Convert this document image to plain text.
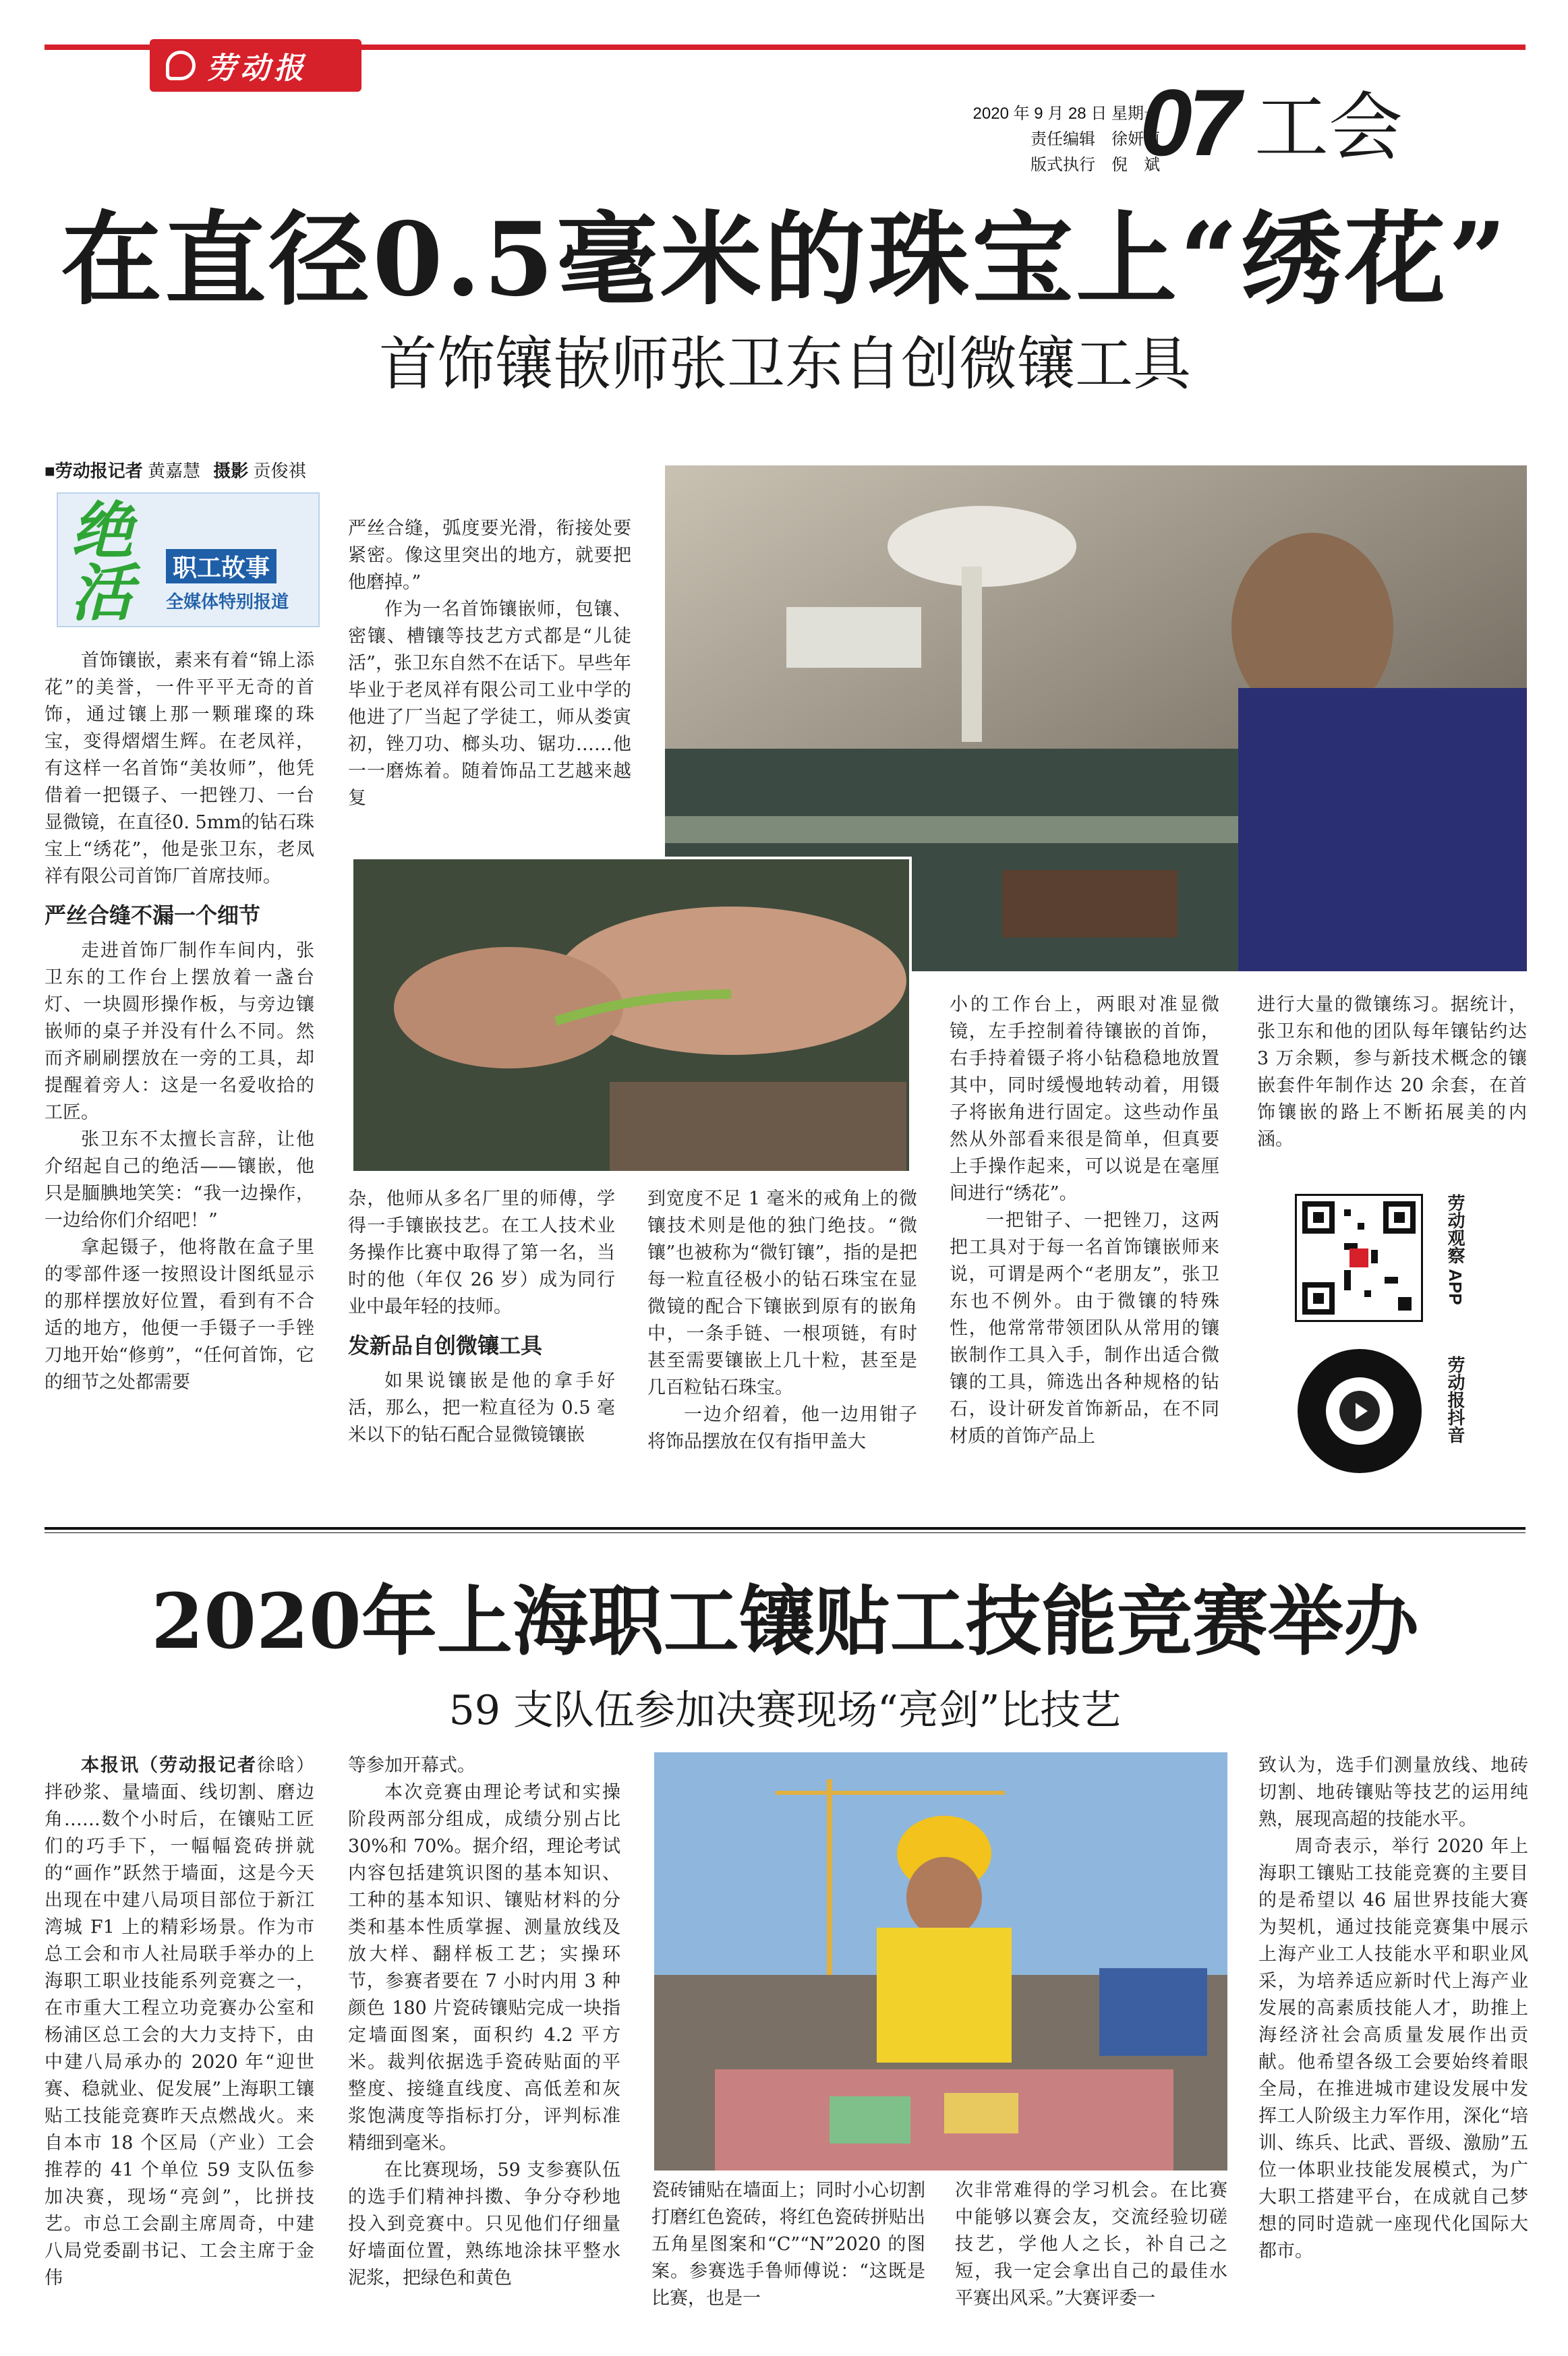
劳动报
2020 年 9 月 28 日 星期一
责任编辑　徐妍莉
版式执行　倪　斌
07 工会
在直径0.5毫米的珠宝上“绣花”
首饰镶嵌师张卫东自创微镶工具
■劳动报记者 黄嘉慧 摄影 贡俊祺
绝活 职工故事
全媒体特别报道

首饰镶嵌，素来有着“锦上添花”的美誉，一件平平无奇的首饰，通过镶上那一颗璀璨的珠宝，变得熠熠生辉。在老凤祥，有这样一名首饰“美妆师”，他凭借着一把镊子、一把锉刀、一台显微镜，在直径0. 5mm的钻石珠宝上“绣花”，他是张卫东，老凤祥有限公司首饰厂首席技师。

严丝合缝不漏一个细节

走进首饰厂制作车间内，张卫东的工作台上摆放着一盏台灯、一块圆形操作板，与旁边镶嵌师的桌子并没有什么不同。然而齐刷刷摆放在一旁的工具，却提醒着旁人：这是一名爱收拾的工匠。

张卫东不太擅长言辞，让他介绍起自己的绝活——镶嵌，他只是腼腆地笑笑：“我一边操作，一边给你们介绍吧！”

拿起镊子，他将散在盒子里的零部件逐一按照设计图纸显示的那样摆放好位置，看到有不合适的地方，他便一手镊子一手锉刀地开始“修剪”，“任何首饰，它的细节之处都需要

严丝合缝，弧度要光滑，衔接处要紧密。像这里突出的地方，就要把他磨掉。”

作为一名首饰镶嵌师，包镶、密镶、槽镶等技艺方式都是“儿徒活”，张卫东自然不在话下。早些年毕业于老凤祥有限公司工业中学的他进了厂当起了学徒工，师从娄寅初，锉刀功、榔头功、锯功……他一一磨炼着。随着饰品工艺越来越复

杂，他师从多名厂里的师傅，学得一手镶嵌技艺。在工人技术业务操作比赛中取得了第一名，当时的他（年仅 26 岁）成为同行业中最年轻的技师。

发新品自创微镶工具

如果说镶嵌是他的拿手好活，那么，把一粒直径为 0.5 毫米以下的钻石配合显微镜镶嵌

到宽度不足 1 毫米的戒角上的微镶技术则是他的独门绝技。“微镶”也被称为“微钉镶”，指的是把每一粒直径极小的钻石珠宝在显微镜的配合下镶嵌到原有的嵌角中，一条手链、一根项链，有时甚至需要镶嵌上几十粒，甚至是几百粒钻石珠宝。

一边介绍着，他一边用钳子将饰品摆放在仅有指甲盖大

小的工作台上，两眼对准显微镜，左手控制着待镶嵌的首饰，右手持着镊子将小钻稳稳地放置其中，同时缓慢地转动着，用镊子将嵌角进行固定。这些动作虽然从外部看来很是简单，但真要上手操作起来，可以说是在毫厘间进行“绣花”。

一把钳子、一把锉刀，这两把工具对于每一名首饰镶嵌师来说，可谓是两个“老朋友”，张卫东也不例外。由于微镶的特殊性，他常常带领团队从常用的镶嵌制作工具入手，制作出适合微镶的工具，筛选出各种规格的钻石，设计研发首饰新品，在不同材质的首饰产品上

进行大量的微镶练习。据统计，张卫东和他的团队每年镶钻约达 3 万余颗，参与新技术概念的镶嵌套件年制作达 20 余套，在首饰镶嵌的路上不断拓展美的内涵。

劳动观察 APP
劳动报抖音
2020年上海职工镶贴工技能竞赛举办
59 支队伍参加决赛现场“亮剑”比技艺

本报讯（劳动报记者徐晗）拌砂浆、量墙面、线切割、磨边角……数个小时后，在镶贴工匠们的巧手下，一幅幅瓷砖拼就的“画作”跃然于墙面，这是今天出现在中建八局项目部位于新江湾城 F1 上的精彩场景。作为市总工会和市人社局联手举办的上海职工职业技能系列竞赛之一，在市重大工程立功竞赛办公室和杨浦区总工会的大力支持下，由中建八局承办的 2020 年“迎世赛、稳就业、促发展”上海职工镶贴工技能竞赛昨天点燃战火。来自本市 18 个区局（产业）工会推荐的 41 个单位 59 支队伍参加决赛，现场“亮剑”，比拼技艺。市总工会副主席周奇，中建八局党委副书记、工会主席于金伟

等参加开幕式。

本次竞赛由理论考试和实操阶段两部分组成，成绩分别占比 30%和 70%。据介绍，理论考试内容包括建筑识图的基本知识、工种的基本知识、镶贴材料的分类和基本性质掌握、测量放线及放大样、翻样板工艺；实操环节，参赛者要在 7 小时内用 3 种颜色 180 片瓷砖镶贴完成一块指定墙面图案，面积约 4.2 平方米。裁判依据选手瓷砖贴面的平整度、接缝直线度、高低差和灰浆饱满度等指标打分，评判标准精细到毫米。

在比赛现场，59 支参赛队伍的选手们精神抖擞、争分夺秒地投入到竞赛中。只见他们仔细量好墙面位置，熟练地涂抹平整水泥浆，把绿色和黄色

瓷砖铺贴在墙面上；同时小心切割打磨红色瓷砖，将红色瓷砖拼贴出五角星图案和“C”“N”2020 的图案。参赛选手鲁师傅说：“这既是比赛，也是一

次非常难得的学习机会。在比赛中能够以赛会友，交流经验切磋技艺，学他人之长，补自己之短，我一定会拿出自己的最佳水平赛出风采。”大赛评委一

致认为，选手们测量放线、地砖切割、地砖镶贴等技艺的运用纯熟，展现高超的技能水平。

周奇表示，举行 2020 年上海职工镶贴工技能竞赛的主要目的是希望以 46 届世界技能大赛为契机，通过技能竞赛集中展示上海产业工人技能水平和职业风采，为培养适应新时代上海产业发展的高素质技能人才，助推上海经济社会高质量发展作出贡献。他希望各级工会要始终着眼全局，在推进城市建设发展中发挥工人阶级主力军作用，深化“培训、练兵、比武、晋级、激励”五位一体职业技能发展模式，为广大职工搭建平台，在成就自己梦想的同时造就一座现代化国际大都市。
